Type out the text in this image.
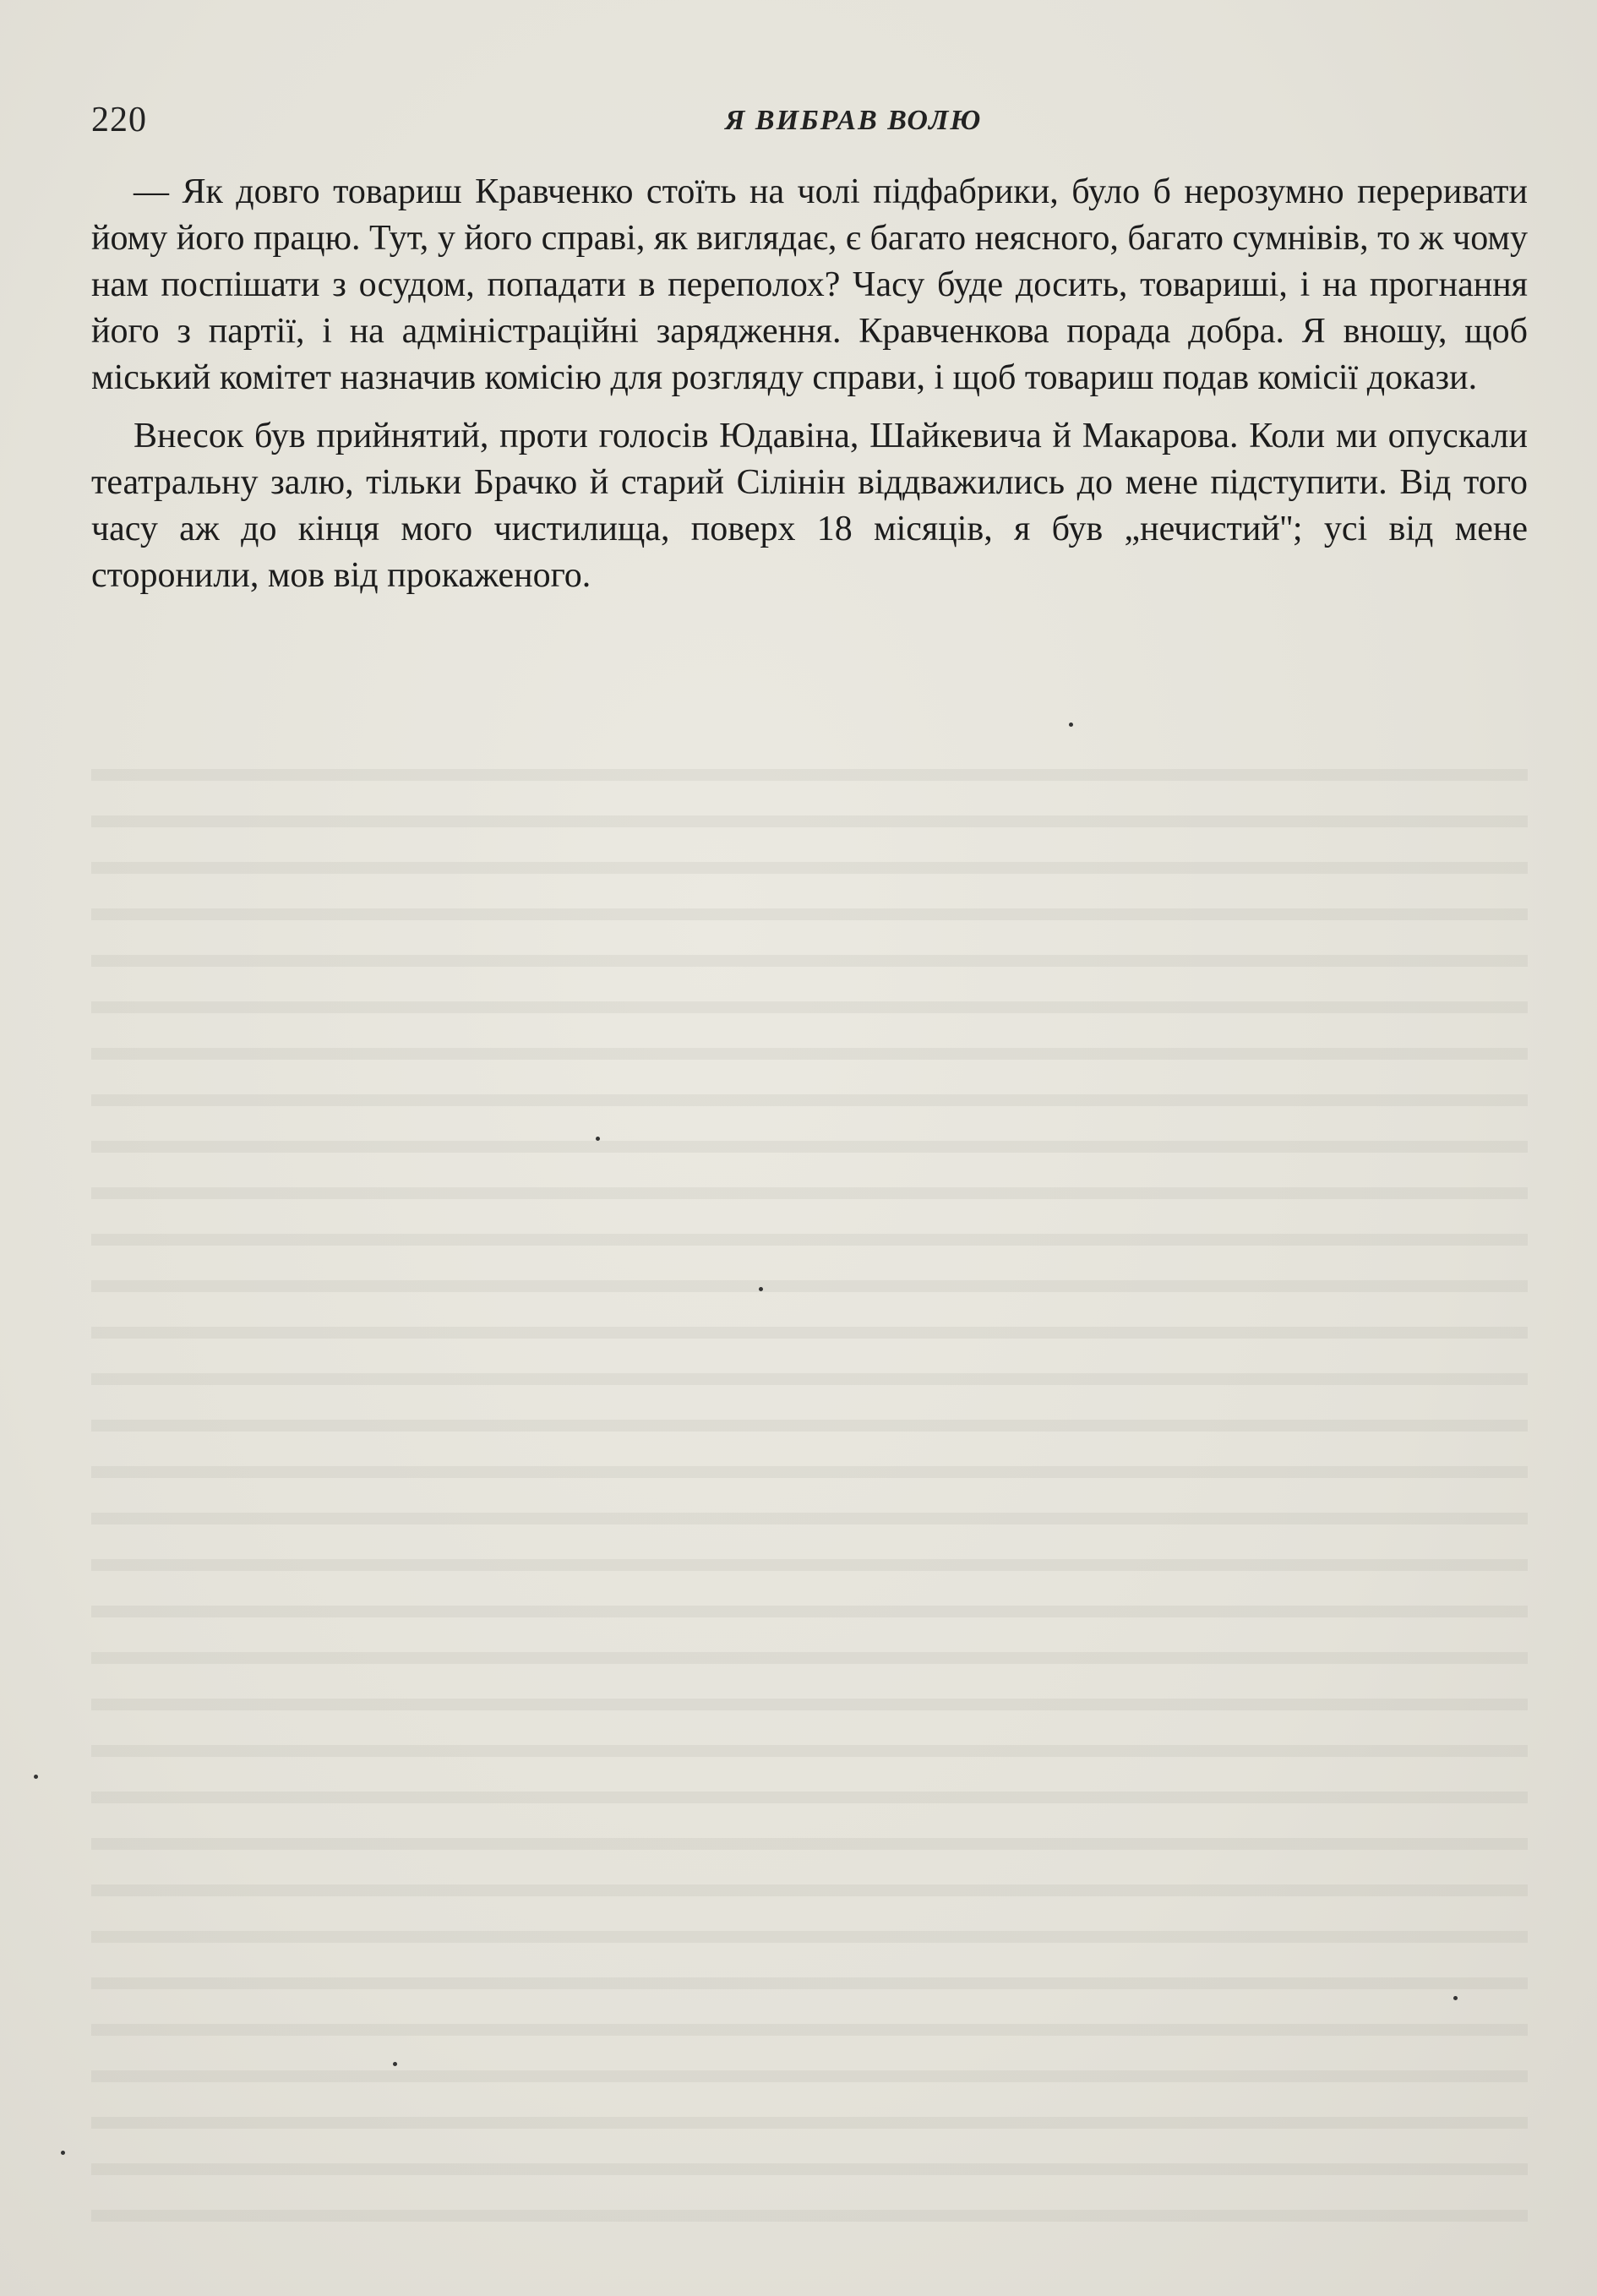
220	Я ВИБРАВ ВОЛЮ

— Як довго товариш Кравченко стоїть на чолі підфабрики, було б нерозумно переривати йому його працю. Тут, у його справі, як виглядає, є багато неясного, багато сумнівів, то ж чому нам поспішати з осудом, попадати в переполох? Часу буде досить, товариші, і на прогнання його з партії, і на адміністраційні зарядження. Кравченкова порада добра. Я вношу, щоб міський комітет назначив комісію для розгляду справи, і щоб товариш подав комісії докази.

Внесок був прийнятий, проти голосів Юдавіна, Шайкевича й Макарова. Коли ми опускали театральну залю, тільки Брачко й старий Сілінін віддважились до мене підступити. Від того часу аж до кінця мого чистилища, поверх 18 місяців, я був „нечистий''; усі від мене сторонили, мов від прокаженого.
